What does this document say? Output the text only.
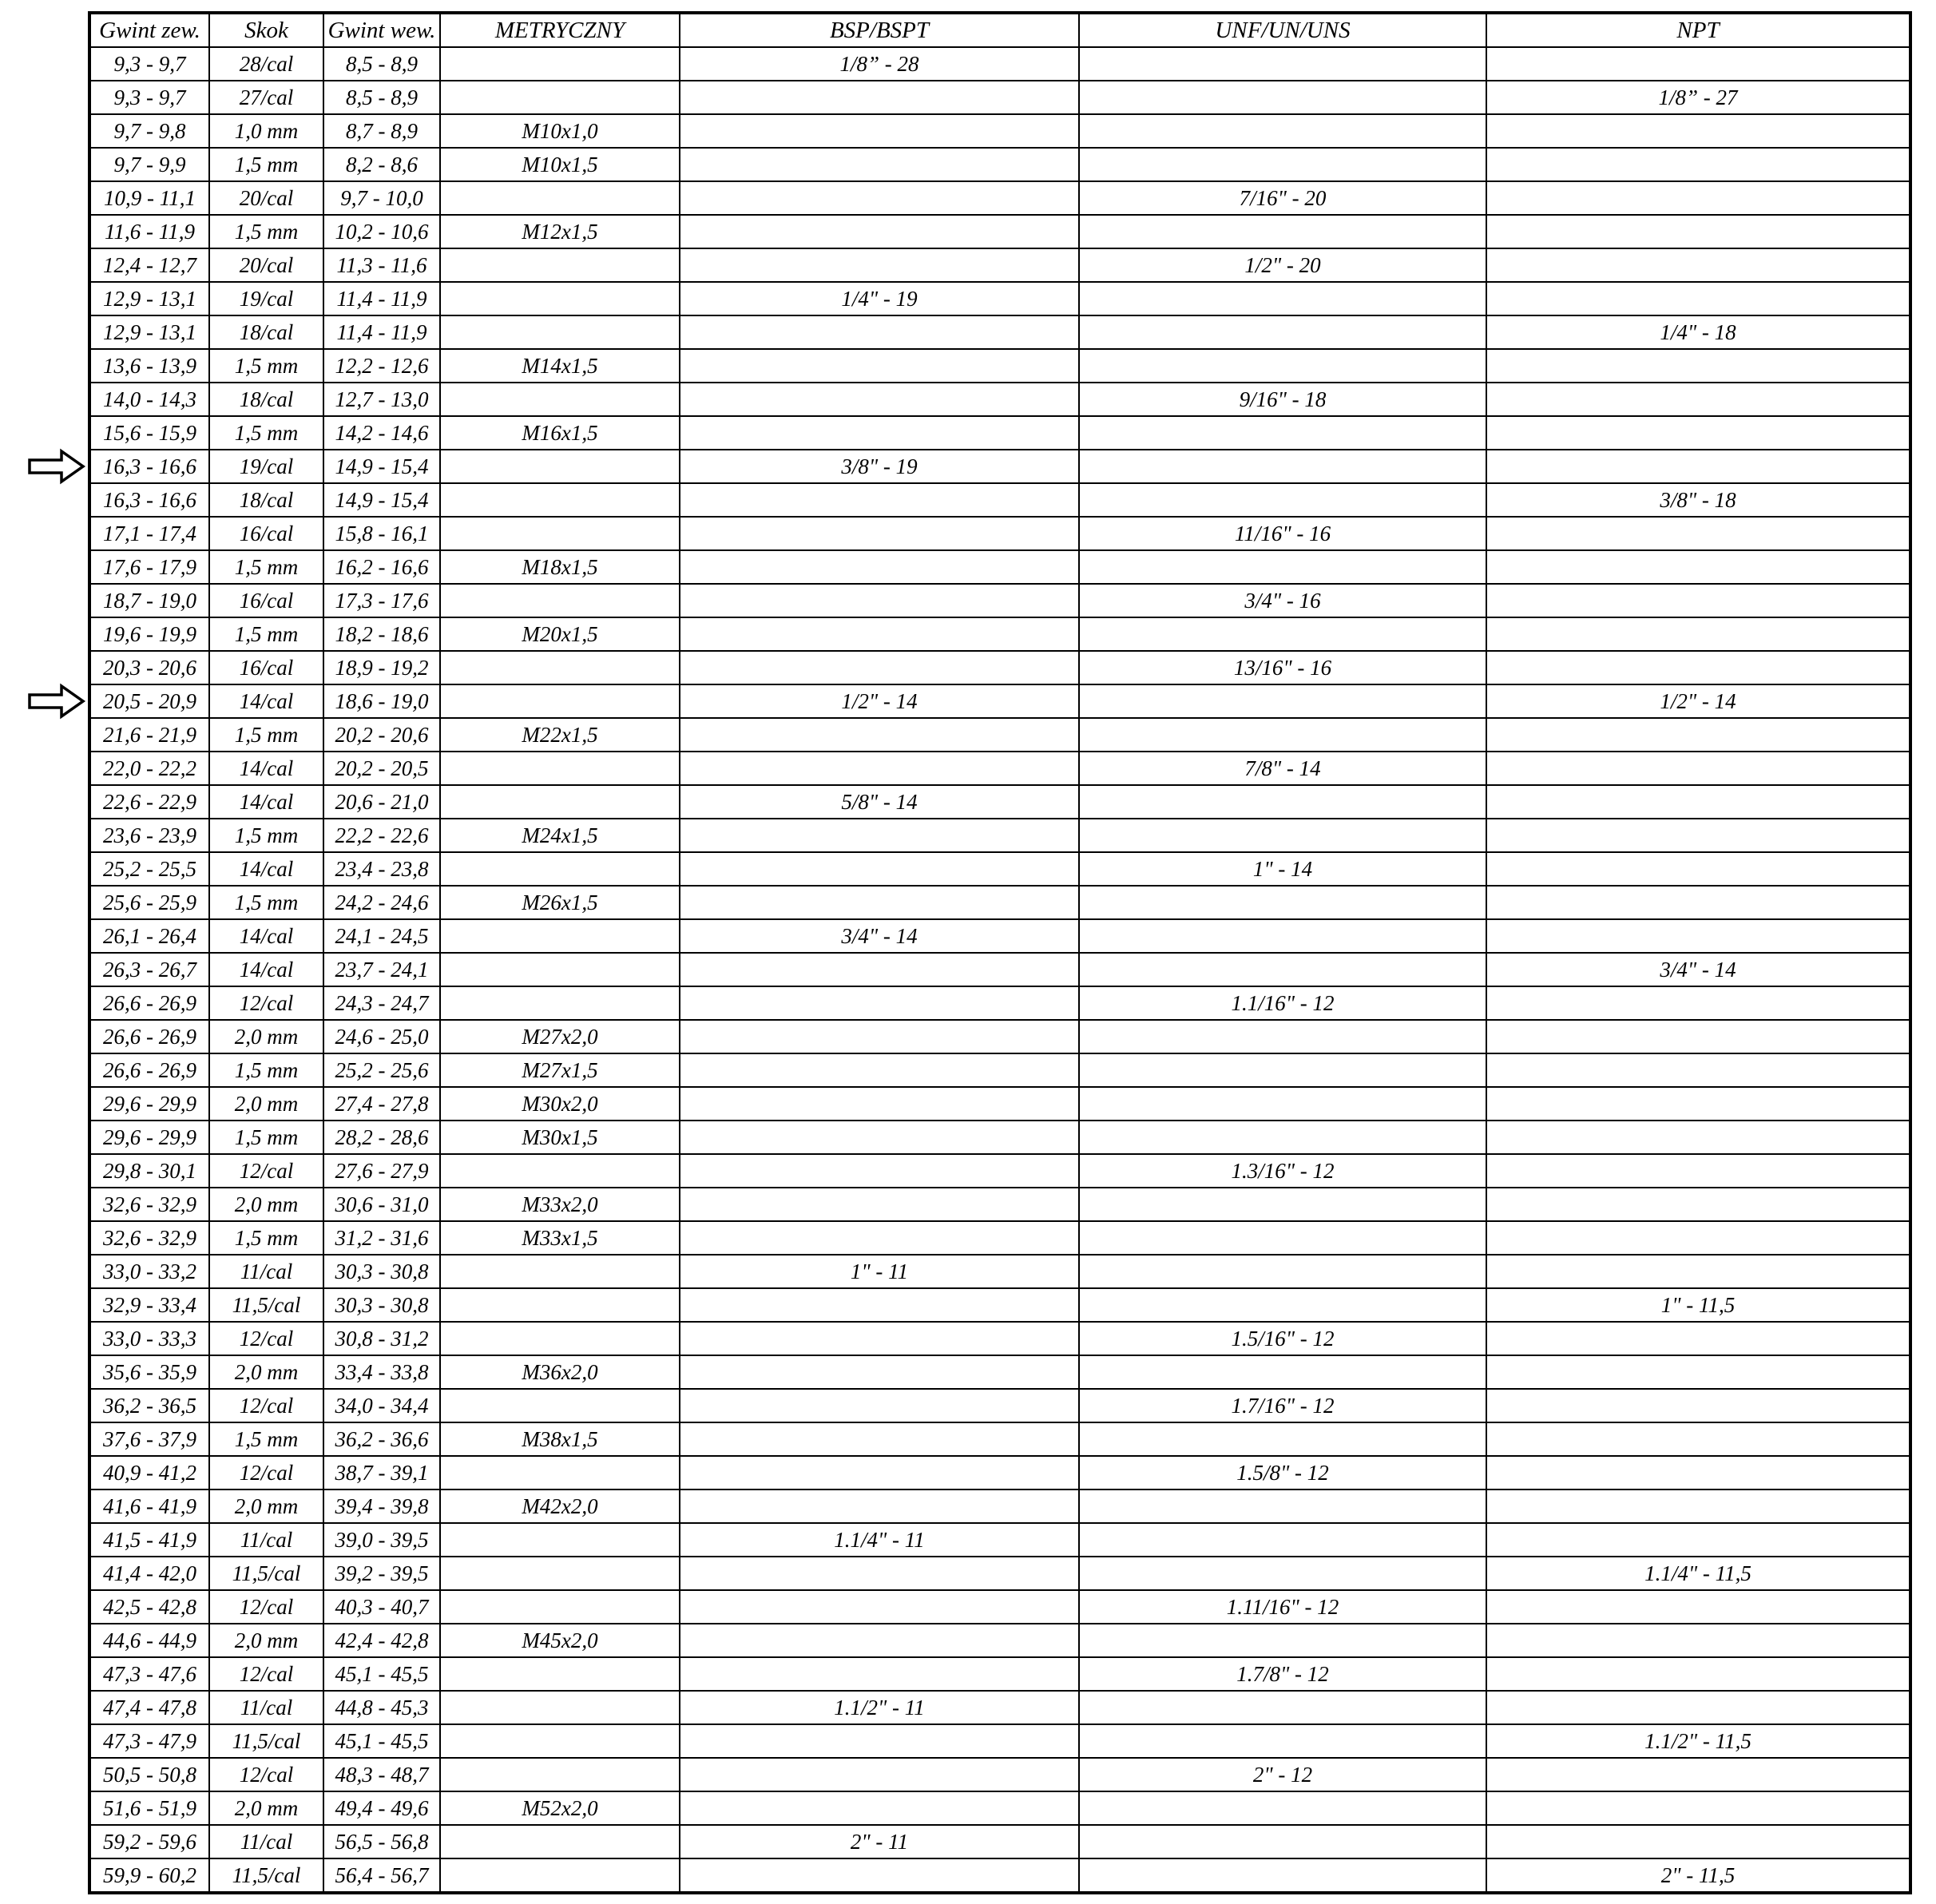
Gwint zew.	Skok	Gwint wew.	METRYCZNY	BSP/BSPT	UNF/UN/UNS	NPT
9,3 - 9,7	28/cal	8,5 - 8,9		1/8” - 28		
9,3 - 9,7	27/cal	8,5 - 8,9				1/8” - 27
9,7 - 9,8	1,0 mm	8,7 - 8,9	M10x1,0			
9,7 - 9,9	1,5 mm	8,2 - 8,6	M10x1,5			
10,9 - 11,1	20/cal	9,7 - 10,0			7/16" - 20	
11,6 - 11,9	1,5 mm	10,2 - 10,6	M12x1,5			
12,4 - 12,7	20/cal	11,3 - 11,6			1/2" - 20	
12,9 - 13,1	19/cal	11,4 - 11,9		1/4" - 19		
12,9 - 13,1	18/cal	11,4 - 11,9				1/4" - 18
13,6 - 13,9	1,5 mm	12,2 - 12,6	M14x1,5			
14,0 - 14,3	18/cal	12,7 - 13,0			9/16" - 18	
15,6 - 15,9	1,5 mm	14,2 - 14,6	M16x1,5			
16,3 - 16,6	19/cal	14,9 - 15,4		3/8" - 19		
16,3 - 16,6	18/cal	14,9 - 15,4				3/8" - 18
17,1 - 17,4	16/cal	15,8 - 16,1			11/16" - 16	
17,6 - 17,9	1,5 mm	16,2 - 16,6	M18x1,5			
18,7 - 19,0	16/cal	17,3 - 17,6			3/4" - 16	
19,6 - 19,9	1,5 mm	18,2 - 18,6	M20x1,5			
20,3 - 20,6	16/cal	18,9 - 19,2			13/16" - 16	
20,5 - 20,9	14/cal	18,6 - 19,0		1/2" - 14		1/2" - 14
21,6 - 21,9	1,5 mm	20,2 - 20,6	M22x1,5			
22,0 - 22,2	14/cal	20,2 - 20,5			7/8" - 14	
22,6 - 22,9	14/cal	20,6 - 21,0		5/8" - 14		
23,6 - 23,9	1,5 mm	22,2 - 22,6	M24x1,5			
25,2 - 25,5	14/cal	23,4 - 23,8			1" - 14	
25,6 - 25,9	1,5 mm	24,2 - 24,6	M26x1,5			
26,1 - 26,4	14/cal	24,1 - 24,5		3/4" - 14		
26,3 - 26,7	14/cal	23,7 - 24,1				3/4" - 14
26,6 - 26,9	12/cal	24,3 - 24,7			1.1/16" - 12	
26,6 - 26,9	2,0 mm	24,6 - 25,0	M27x2,0			
26,6 - 26,9	1,5 mm	25,2 - 25,6	M27x1,5			
29,6 - 29,9	2,0 mm	27,4 - 27,8	M30x2,0			
29,6 - 29,9	1,5 mm	28,2 - 28,6	M30x1,5			
29,8 - 30,1	12/cal	27,6 - 27,9			1.3/16" - 12	
32,6 - 32,9	2,0 mm	30,6 - 31,0	M33x2,0			
32,6 - 32,9	1,5 mm	31,2 - 31,6	M33x1,5			
33,0 - 33,2	11/cal	30,3 - 30,8		1" - 11		
32,9 - 33,4	11,5/cal	30,3 - 30,8				1" - 11,5
33,0 - 33,3	12/cal	30,8 - 31,2			1.5/16" - 12	
35,6 - 35,9	2,0 mm	33,4 - 33,8	M36x2,0			
36,2 - 36,5	12/cal	34,0 - 34,4			1.7/16" - 12	
37,6 - 37,9	1,5 mm	36,2 - 36,6	M38x1,5			
40,9 - 41,2	12/cal	38,7 - 39,1			1.5/8" - 12	
41,6 - 41,9	2,0 mm	39,4 - 39,8	M42x2,0			
41,5 - 41,9	11/cal	39,0 - 39,5		1.1/4" - 11		
41,4 - 42,0	11,5/cal	39,2 - 39,5				1.1/4" - 11,5
42,5 - 42,8	12/cal	40,3 - 40,7			1.11/16" - 12	
44,6 - 44,9	2,0 mm	42,4 - 42,8	M45x2,0			
47,3 - 47,6	12/cal	45,1 - 45,5			1.7/8" - 12	
47,4 - 47,8	11/cal	44,8 - 45,3		1.1/2" - 11		
47,3 - 47,9	11,5/cal	45,1 - 45,5				1.1/2" - 11,5
50,5 - 50,8	12/cal	48,3 - 48,7			2" - 12	
51,6 - 51,9	2,0 mm	49,4 - 49,6	M52x2,0			
59,2 - 59,6	11/cal	56,5 - 56,8		2" - 11		
59,9 - 60,2	11,5/cal	56,4 - 56,7				2" - 11,5
